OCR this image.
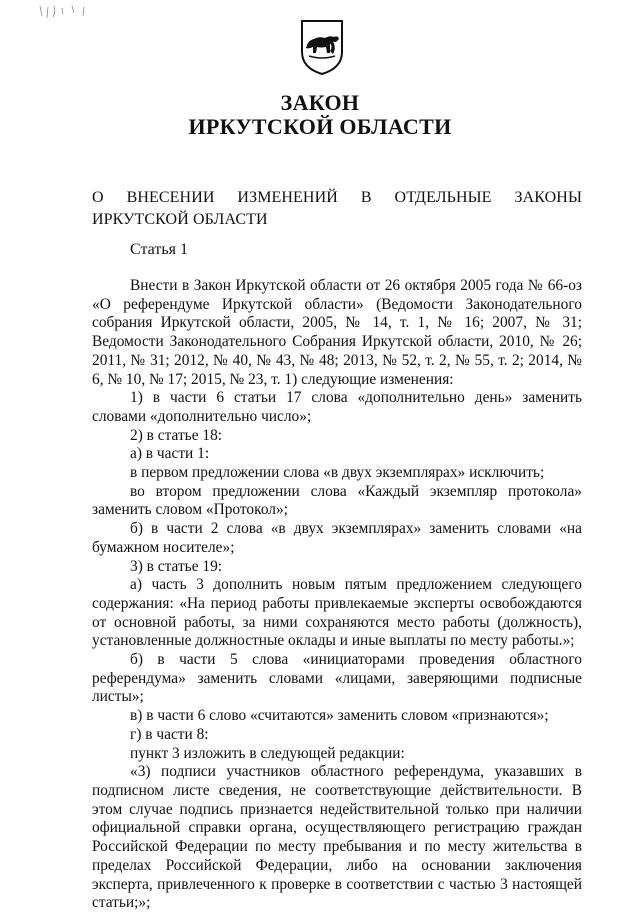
ЗАКОН
ИРКУТСКОЙ ОБЛАСТИ
О ВНЕСЕНИИ ИЗМЕНЕНИЙ В ОТДЕЛЬНЫЕ ЗАКОНЫ ИРКУТСКОЙ ОБЛАСТИ
Статья 1

Внести в Закон Иркутской области от 26 октября 2005 года № 66-оз «О референдуме Иркутской области» (Ведомости Законодательного собрания Иркутской области, 2005, № 14, т. 1, № 16; 2007, № 31; Ведомости Законодательного Собрания Иркутской области, 2010, № 26; 2011, № 31; 2012, № 40, № 43, № 48; 2013, № 52, т. 2, № 55, т. 2; 2014, № 6, № 10, № 17; 2015, № 23, т. 1) следующие изменения:

1) в части 6 статьи 17 слова «дополнительно день» заменить словами «дополнительно число»;

2) в статье 18:

а) в части 1:

в первом предложении слова «в двух экземплярах» исключить;

во втором предложении слова «Каждый экземпляр протокола» заменить словом «Протокол»;

б) в части 2 слова «в двух экземплярах» заменить словами «на бумажном носителе»;

3) в статье 19:

а) часть 3 дополнить новым пятым предложением следующего содержания: «На период работы привлекаемые эксперты освобождаются от основной работы, за ними сохраняются место работы (должность), установленные должностные оклады и иные выплаты по месту работы.»;

б) в части 5 слова «инициаторами проведения областного референдума» заменить словами «лицами, заверяющими подписные листы»;

в) в части 6 слово «считаются» заменить словом «признаются»;

г) в части 8:

пункт 3 изложить в следующей редакции:

«3) подписи участников областного референдума, указавших в подписном листе сведения, не соответствующие действительности. В этом случае подпись признается недействительной только при наличии официальной справки органа, осуществляющего регистрацию граждан Российской Федерации по месту пребывания и по месту жительства в пределах Российской Федерации, либо на основании заключения эксперта, привлеченного к проверке в соответствии с частью 3 настоящей статьи;»;
